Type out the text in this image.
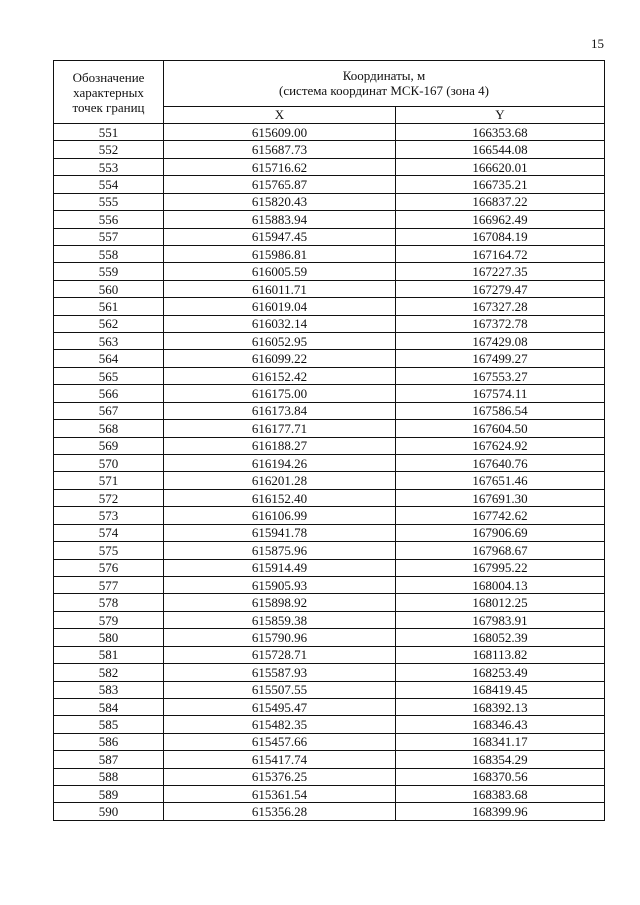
15
Обозначение
характерных
точек границ	Координаты, м
(система координат МСК-167 (зона 4)	

	X	Y
551	615609.00	166353.68
552	615687.73	166544.08
553	615716.62	166620.01
554	615765.87	166735.21
555	615820.43	166837.22
556	615883.94	166962.49
557	615947.45	167084.19
558	615986.81	167164.72
559	616005.59	167227.35
560	616011.71	167279.47
561	616019.04	167327.28
562	616032.14	167372.78
563	616052.95	167429.08
564	616099.22	167499.27
565	616152.42	167553.27
566	616175.00	167574.11
567	616173.84	167586.54
568	616177.71	167604.50
569	616188.27	167624.92
570	616194.26	167640.76
571	616201.28	167651.46
572	616152.40	167691.30
573	616106.99	167742.62
574	615941.78	167906.69
575	615875.96	167968.67
576	615914.49	167995.22
577	615905.93	168004.13
578	615898.92	168012.25
579	615859.38	167983.91
580	615790.96	168052.39
581	615728.71	168113.82
582	615587.93	168253.49
583	615507.55	168419.45
584	615495.47	168392.13
585	615482.35	168346.43
586	615457.66	168341.17
587	615417.74	168354.29
588	615376.25	168370.56
589	615361.54	168383.68
590	615356.28	168399.96
